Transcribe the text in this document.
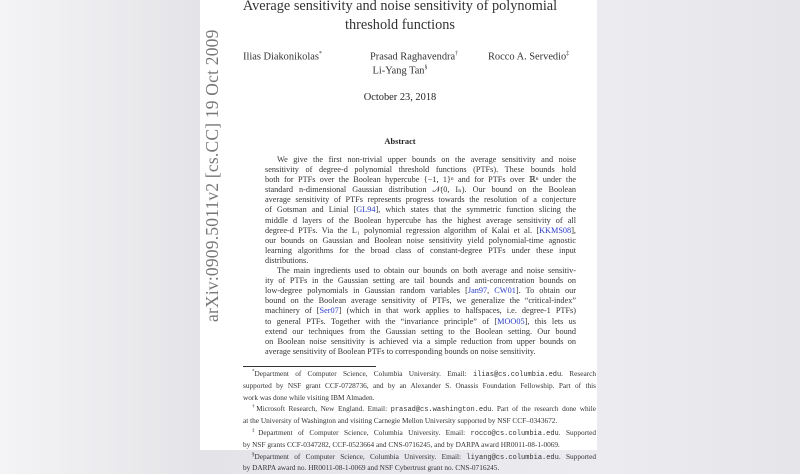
arXiv:0909.5011v2 [cs.CC] 19 Oct 2009
Average sensitivity and noise sensitivity of polynomial
threshold functions
Ilias Diakonikolas*	Prasad Raghavendra†	Rocco A. Servedio‡
Li-Yang Tan§
October 23, 2018
Abstract
We give the first non-trivial upper bounds on the average sensitivity and noise
sensitivity of degree-d polynomial threshold functions (PTFs). These bounds hold
both for PTFs over the Boolean hypercube {−1, 1}ⁿ and for PTFs over ℝⁿ under the
standard n-dimensional Gaussian distribution 𝒩(0, Iₙ). Our bound on the Boolean
average sensitivity of PTFs represents progress towards the resolution of a conjecture
of Gotsman and Linial [GL94], which states that the symmetric function slicing the
middle d layers of the Boolean hypercube has the highest average sensitivity of all
degree-d PTFs. Via the L₁ polynomial regression algorithm of Kalai et al. [KKMS08],
our bounds on Gaussian and Boolean noise sensitivity yield polynomial-time agnostic
learning algorithms for the broad class of constant-degree PTFs under these input
distributions.
The main ingredients used to obtain our bounds on both average and noise sensitiv-
ity of PTFs in the Gaussian setting are tail bounds and anti-concentration bounds on
low-degree polynomials in Gaussian random variables [Jan97, CW01]. To obtain our
bound on the Boolean average sensitivity of PTFs, we generalize the “critical-index”
machinery of [Ser07] (which in that work applies to halfspaces, i.e. degree-1 PTFs)
to general PTFs. Together with the “invariance principle” of [MOO05], this lets us
extend our techniques from the Gaussian setting to the Boolean setting. Our bound
on Boolean noise sensitivity is achieved via a simple reduction from upper bounds on
average sensitivity of Boolean PTFs to corresponding bounds on noise sensitivity.
*Department of Computer Science, Columbia University. Email: ilias@cs.columbia.edu. Research
supported by NSF grant CCF-0728736, and by an Alexander S. Onassis Foundation Fellowship. Part of this
work was done while visiting IBM Almaden.
†Microsoft Research, New England. Email: prasad@cs.washington.edu. Part of the research done while
at the University of Washington and visiting Carnegie Mellon University supported by NSF CCF–0343672.
‡Department of Computer Science, Columbia University. Email: rocco@cs.columbia.edu. Supported
by NSF grants CCF-0347282, CCF-0523664 and CNS-0716245, and by DARPA award HR0011-08-1-0069.
§Department of Computer Science, Columbia University. Email: liyang@cs.columbia.edu. Supported
by DARPA award no. HR0011-08-1-0069 and NSF Cybertrust grant no. CNS-0716245.
